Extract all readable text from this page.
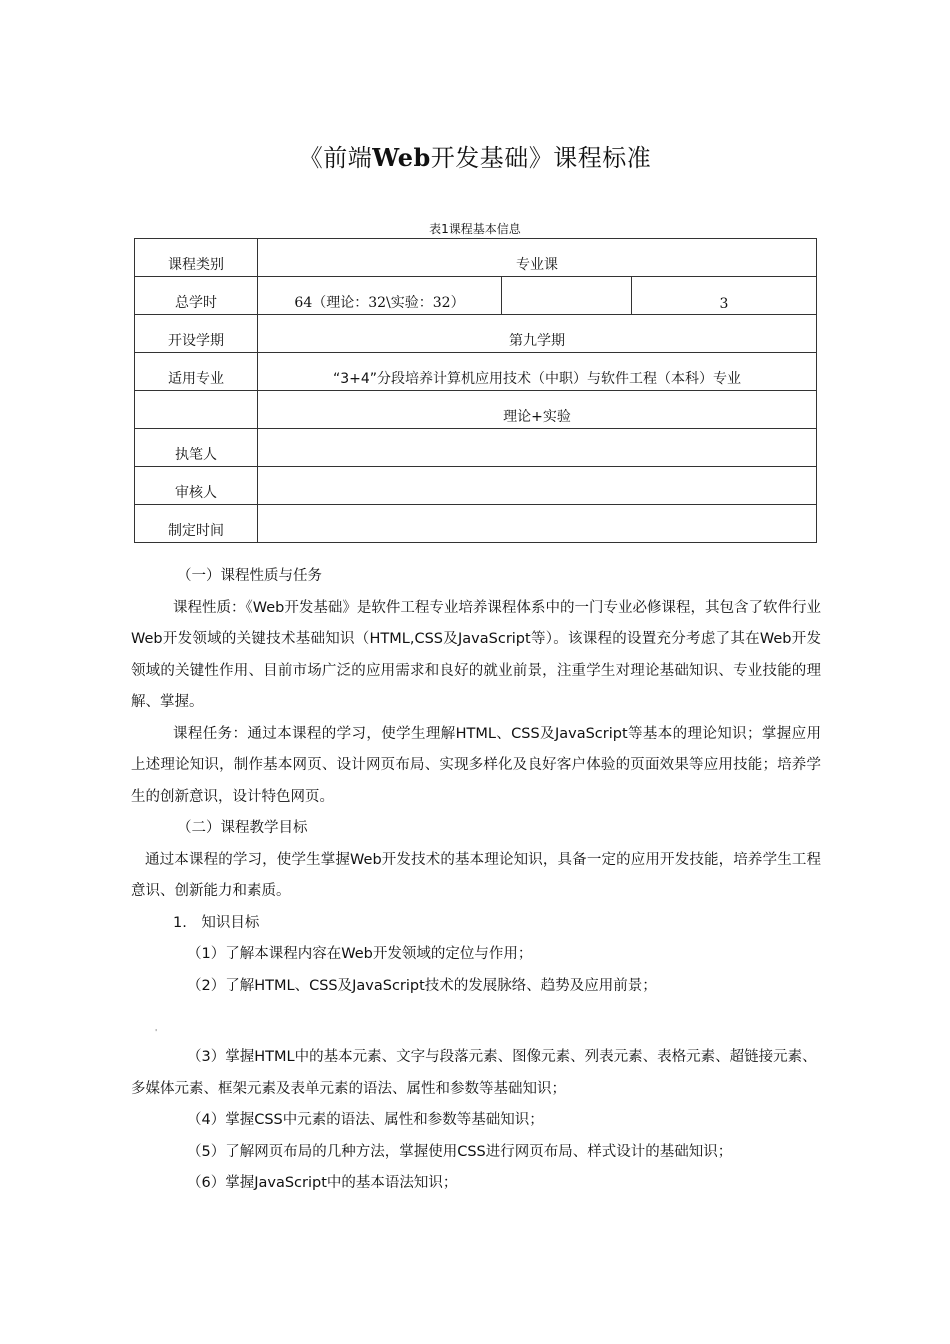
《前端Web开发基础》课程标准
表1课程基本信息
课程类别	专业课		
总学时	64（理论：32\实验：32）		3
开设学期	第九学期		
适用专业	“3+4”分段培养计算机应用技术（中职）与软件工程（本科）专业		
	理论+实验		
执笔人			
审核人			
制定时间			

（一）课程性质与任务

课程性质：《Web开发基础》是软件工程专业培养课程体系中的一门专业必修课程，其包含了软件行业Web开发领域的关键技术基础知识（HTML,CSS及JavaScript等）。该课程的设置充分考虑了其在Web开发领域的关键性作用、目前市场广泛的应用需求和良好的就业前景，注重学生对理论基础知识、专业技能的理解、掌握。

课程任务：通过本课程的学习，使学生理解HTML、CSS及JavaScript等基本的理论知识；掌握应用上述理论知识，制作基本网页、设计网页布局、实现多样化及良好客户体验的页面效果等应用技能；培养学生的创新意识，设计特色网页。

（二）课程教学目标

通过本课程的学习，使学生掌握Web开发技术的基本理论知识，具备一定的应用开发技能，培养学生工程意识、创新能力和素质。

1.　知识目标

（1）了解本课程内容在Web开发领域的定位与作用；

（2）了解HTML、CSS及JavaScript技术的发展脉络、趋势及应用前景；

'

（3）掌握HTML中的基本元素、文字与段落元素、图像元素、列表元素、表格元素、超链接元素、多媒体元素、框架元素及表单元素的语法、属性和参数等基础知识；

（4）掌握CSS中元素的语法、属性和参数等基础知识；

（5）了解网页布局的几种方法，掌握使用CSS进行网页布局、样式设计的基础知识；

（6）掌握JavaScript中的基本语法知识；
